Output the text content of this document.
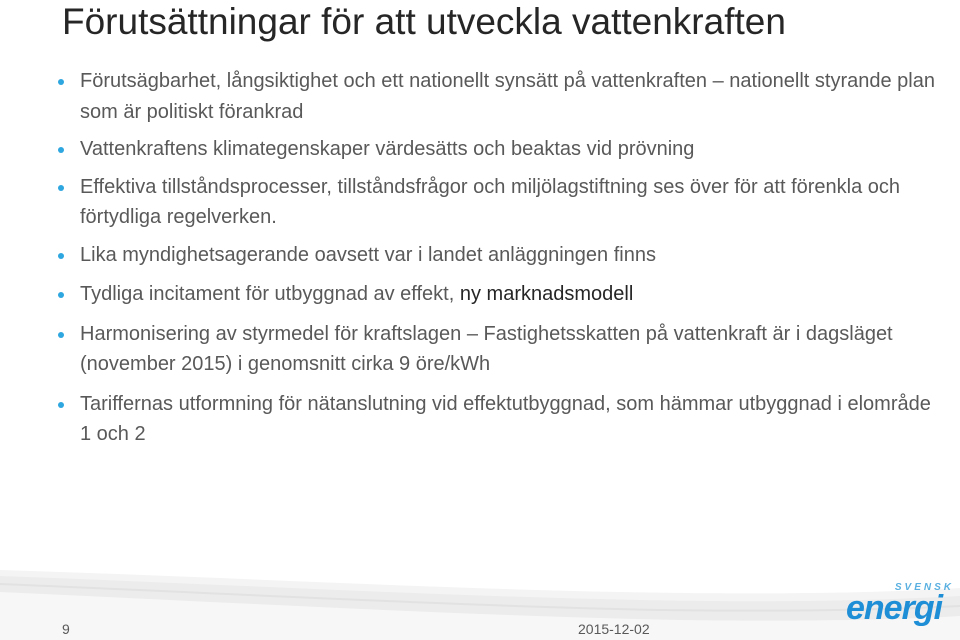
Förutsättningar för att utveckla vattenkraften
Förutsägbarhet, långsiktighet och ett nationellt synsätt på vattenkraften – nationellt styrande plan som är politiskt förankrad
Vattenkraftens klimategenskaper värdesätts och beaktas vid prövning
Effektiva tillståndsprocesser, tillståndsfrågor och miljölagstiftning ses över för att förenkla och förtydliga regelverken.
Lika myndighetsagerande oavsett var i landet anläggningen finns
Tydliga incitament för utbyggnad av effekt, ny marknadsmodell
Harmonisering av styrmedel för kraftslagen – Fastighetsskatten på vattenkraft är i dagsläget (november 2015) i genomsnitt cirka 9 öre/kWh
Tariffernas utformning för nätanslutning vid effektutbyggnad, som hämmar utbyggnad i elområde 1 och 2
9	2015-12-02
SVENSK
energi
